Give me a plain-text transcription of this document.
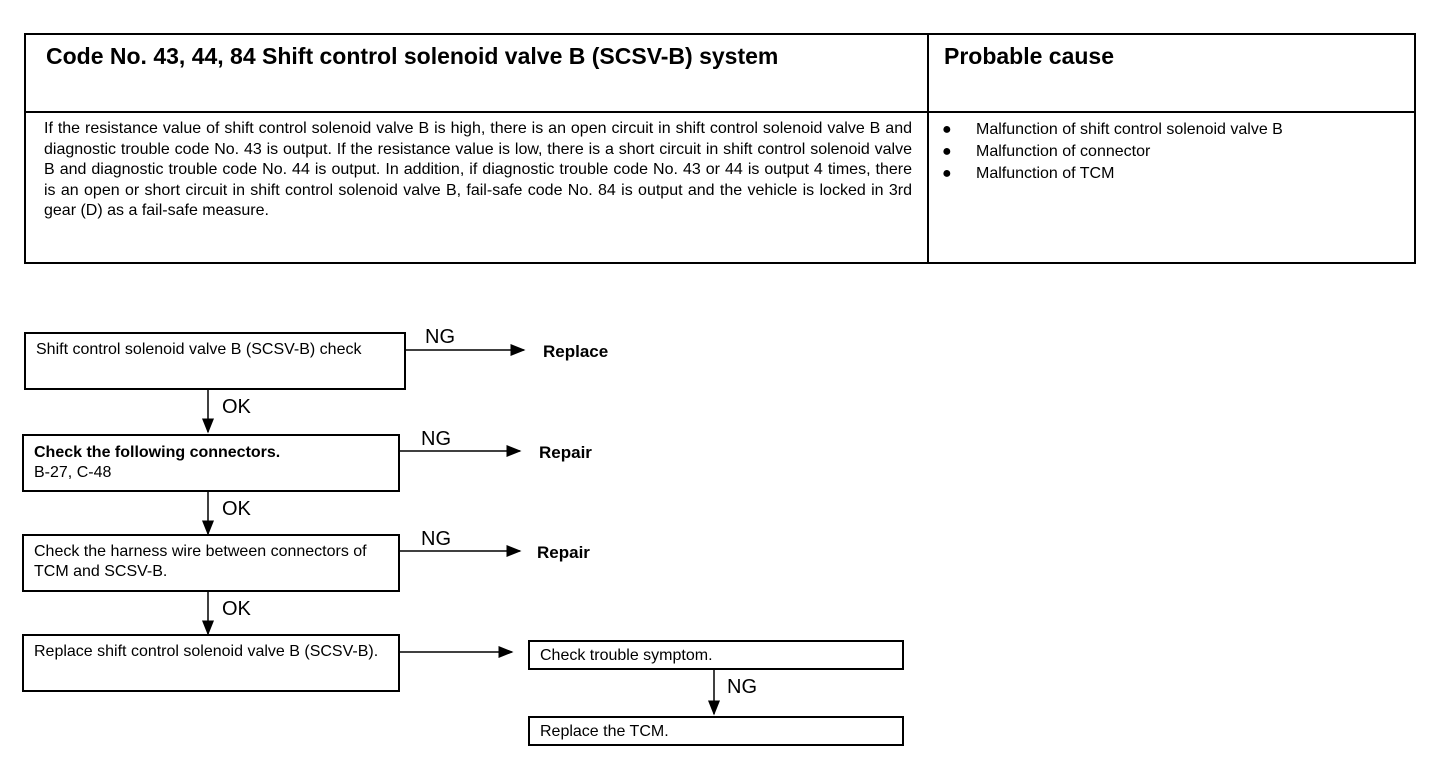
Code No. 43, 44, 84 Shift control solenoid valve B (SCSV-B) system	Probable cause
If the resistance value of shift control solenoid valve B is high, there is an open circuit in shift control solenoid valve B and diagnostic trouble code No. 43 is output. If the resistance value is low, there is a short circuit in shift control solenoid valve B and diagnostic trouble code No. 44 is output. In addition, if diagnostic trouble code No. 43 or 44 is output 4 times, there is an open or short circuit in shift control solenoid valve B, fail-safe code No. 84 is output and the vehicle is locked in 3rd gear (D) as a fail-safe measure.
● Malfunction of shift control solenoid valve B
● Malfunction of connector
● Malfunction of TCM
Shift control solenoid valve B (SCSV-B) check
Check the following connectors.
B-27, C-48
Check the harness wire between connectors of TCM and SCSV-B.
Replace shift control solenoid valve B (SCSV-B).	Check trouble symptom.
Replace the TCM.
NG
NG
NG
NG
OK
OK
OK
Replace
Repair
Repair
